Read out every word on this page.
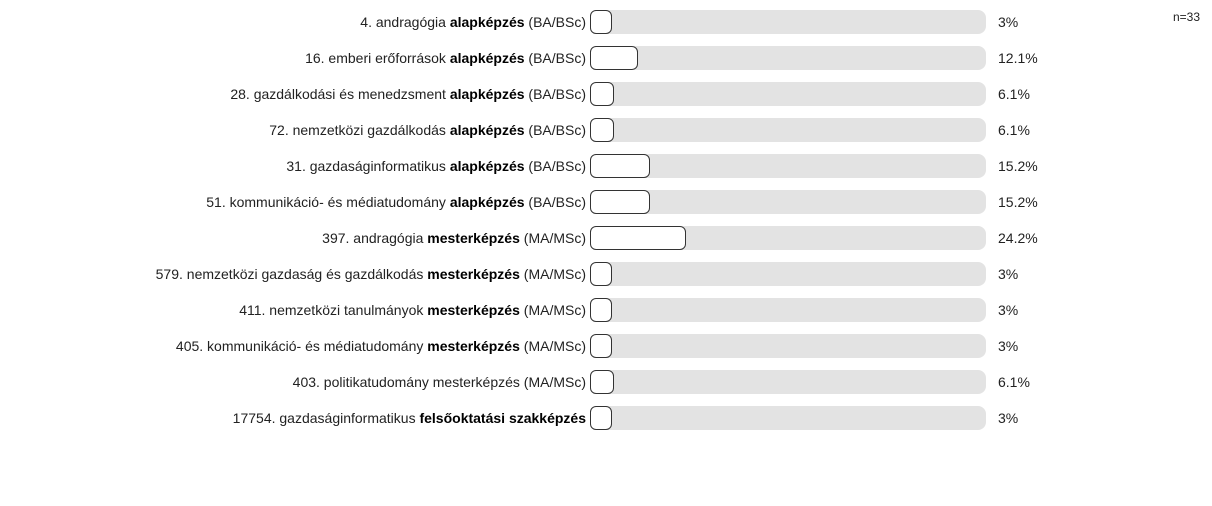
n=33
4. andragógia alapképzés (BA/BSc)	3%
16. emberi erőforrások alapképzés (BA/BSc)	12.1%
28. gazdálkodási és menedzsment alapképzés (BA/BSc)	6.1%
72. nemzetközi gazdálkodás alapképzés (BA/BSc)	6.1%
31. gazdaságinformatikus alapképzés (BA/BSc)	15.2%
51. kommunikáció- és médiatudomány alapképzés (BA/BSc)	15.2%
397. andragógia mesterképzés (MA/MSc)	24.2%
579. nemzetközi gazdaság és gazdálkodás mesterképzés (MA/MSc)	3%
411. nemzetközi tanulmányok mesterképzés (MA/MSc)	3%
405. kommunikáció- és médiatudomány mesterképzés (MA/MSc)	3%
403. politikatudomány mesterképzés (MA/MSc)	6.1%
17754. gazdaságinformatikus felsőoktatási szakképzés	3%
